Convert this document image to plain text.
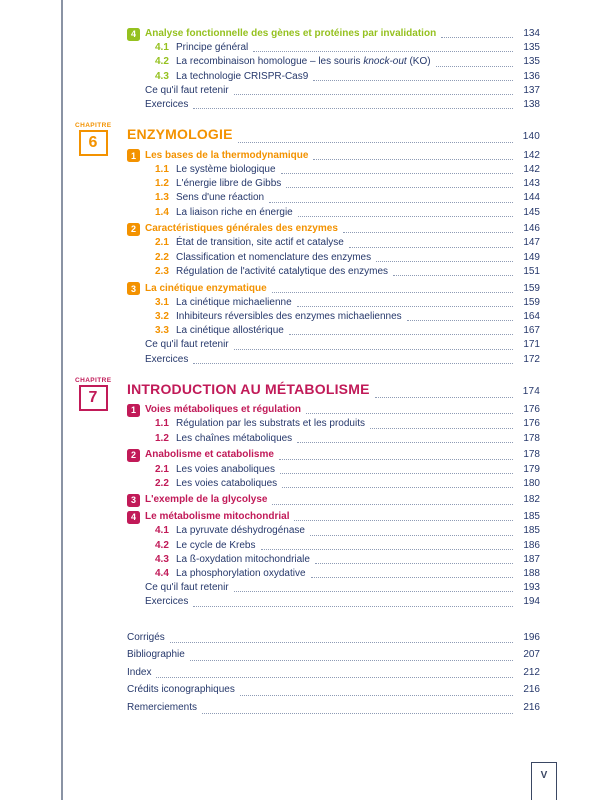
4 Analyse fonctionnelle des gènes et protéines par invalidation	134
4.1 Principe général	135
4.2 La recombinaison homologue – les souris knock-out (KO)	135
4.3 La technologie CRISPR-Cas9	136
Ce qu'il faut retenir	137
Exercices	138
CHAPITRE
6	ENZYMOLOGIE	140
1 Les bases de la thermodynamique	142
1.1 Le système biologique	142
1.2 L'énergie libre de Gibbs	143
1.3 Sens d'une réaction	144
1.4 La liaison riche en énergie	145
2 Caractéristiques générales des enzymes	146
2.1 État de transition, site actif et catalyse	147
2.2 Classification et nomenclature des enzymes	149
2.3 Régulation de l'activité catalytique des enzymes	151
3 La cinétique enzymatique	159
3.1 La cinétique michaelienne	159
3.2 Inhibiteurs réversibles des enzymes michaeliennes	164
3.3 La cinétique allostérique	167
Ce qu'il faut retenir	171
Exercices	172
CHAPITRE
7	INTRODUCTION AU MÉTABOLISME	174
1 Voies métaboliques et régulation	176
1.1 Régulation par les substrats et les produits	176
1.2 Les chaînes métaboliques	178
2 Anabolisme et catabolisme	178
2.1 Les voies anaboliques	179
2.2 Les voies cataboliques	180
3 L'exemple de la glycolyse	182
4 Le métabolisme mitochondrial	185
4.1 La pyruvate déshydrogénase	185
4.2 Le cycle de Krebs	186
4.3 La ß-oxydation mitochondriale	187
4.4 La phosphorylation oxydative	188
Ce qu'il faut retenir	193
Exercices	194
Corrigés	196
Bibliographie	207
Index	212
Crédits iconographiques	216
Remerciements	216
V
